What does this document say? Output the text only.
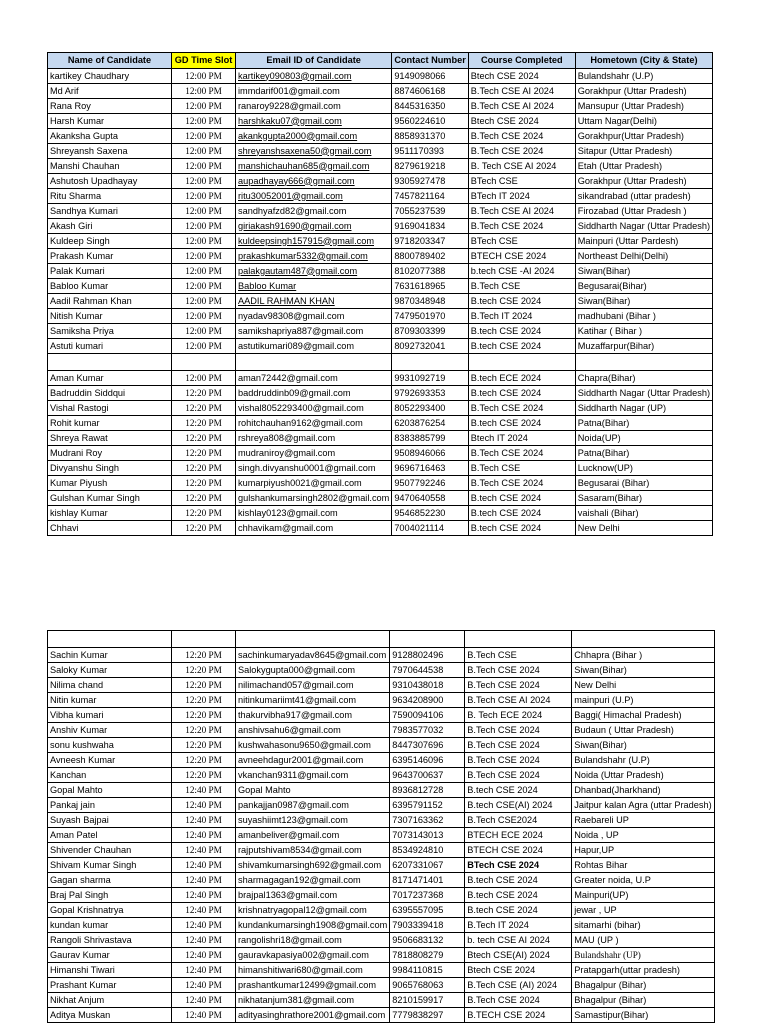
Name of Candidate	GD Time Slot	Email ID of Candidate	Contact Number	Course Completed	Hometown (City & State)
kartikey Chaudhary	12:00 PM	kartikey090803@gmail.com	9149098066	Btech CSE 2024	Bulandshahr (U.P)
Md Arif	12:00 PM	immdarif001@gmail.com	8874606168	B.Tech CSE AI 2024	Gorakhpur (Uttar Pradesh)
Rana Roy	12:00 PM	ranaroy9228@gmail.com	8445316350	B.Tech CSE AI 2024	Mansupur (Uttar Pradesh)
Harsh Kumar	12:00 PM	harshkaku07@gmail.com	9560224610	Btech CSE 2024	Uttam Nagar(Delhi)
Akanksha Gupta	12:00 PM	akankgupta2000@gmail.com	8858931370	B.Tech CSE 2024	Gorakhpur(Uttar Pradesh)
Shreyansh Saxena	12:00 PM	shreyanshsaxena50@gmail.com	9511170393	B.Tech CSE 2024	Sitapur (Uttar Pradesh)
Manshi Chauhan	12:00 PM	manshichauhan685@gmail.com	8279619218	B. Tech CSE AI 2024	Etah (Uttar Pradesh)
Ashutosh Upadhayay	12:00 PM	aupadhayay666@gmail.com	9305927478	BTech CSE	Gorakhpur (Uttar Pradesh)
Ritu Sharma	12:00 PM	ritu30052001@gmail.com	7457821164	BTech IT 2024	sikandrabad (uttar pradesh)
Sandhya Kumari	12:00 PM	sandhyafzd82@gmail.com	7055237539	B.Tech CSE AI 2024	Firozabad (Uttar Pradesh )
Akash Giri	12:00 PM	giriakash91690@gmail.com	9169041834	B.Tech CSE 2024	Siddharth Nagar (Uttar Pradesh)
Kuldeep Singh	12:00 PM	kuldeepsingh157915@gmail.com	9718203347	BTech CSE	Mainpuri (Uttar Pardesh)
Prakash Kumar	12:00 PM	prakashkumar5332@gmail.com	8800789402	BTECH CSE 2024	Northeast Delhi(Delhi)
Palak Kumari	12:00 PM	palakgautam487@gmail.com	8102077388	b.tech CSE -AI 2024	Siwan(Bihar)
Babloo Kumar	12:00 PM	Babloo Kumar	7631618965	B.Tech CSE	Begusarai(Bihar)
Aadil Rahman Khan	12:00 PM	AADIL RAHMAN KHAN	9870348948	B.tech CSE 2024	Siwan(Bihar)
Nitish Kumar	12:00 PM	nyadav98308@gmail.com	7479501970	B.Tech IT 2024	madhubani (Bihar )
Samiksha Priya	12:00 PM	samikshapriya887@gmail.com	8709303399	B.tech CSE 2024	Katihar ( Bihar )
Astuti kumari	12:00 PM	astutikumari089@gmail.com	8092732041	B.tech CSE 2024	Muzaffarpur(Bihar)

Aman Kumar	12:00 PM	aman72442@gmail.com	9931092719	B.tech ECE 2024	Chapra(Bihar)
Badruddin Siddqui	12:20 PM	baddruddinb09@gmail.com	9792693353	B.tech CSE 2024	Siddharth Nagar (Uttar Pradesh)
Vishal Rastogi	12:20 PM	vishal8052293400@gmail.com	8052293400	B.Tech CSE 2024	Siddharth Nagar (UP)
Rohit kumar	12:20 PM	rohitchauhan9162@gmail.com	6203876254	B.tech CSE 2024	Patna(Bihar)
Shreya Rawat	12:20 PM	rshreya808@gmail.com	8383885799	Btech IT 2024	Noida(UP)
Mudrani Roy	12:20 PM	mudraniroy@gmail.com	9508946066	B.Tech CSE 2024	Patna(Bihar)
Divyanshu Singh	12:20 PM	singh.divyanshu0001@gmail.com	9696716463	B.Tech CSE	Lucknow(UP)
Kumar Piyush	12:20 PM	kumarpiyush0021@gmail.com	9507792246	B.Tech CSE 2024	Begusarai (Bihar)
Gulshan Kumar Singh	12:20 PM	gulshankumarsingh2802@gmail.com	9470640558	B.tech CSE 2024	Sasaram(Bihar)
kishlay Kumar	12:20 PM	kishlay0123@gmail.com	9546852230	B.tech CSE 2024	vaishali (Bihar)
Chhavi	12:20 PM	chhavikam@gmail.com	7004021114	B.tech CSE 2024	New Delhi

Sachin Kumar	12:20 PM	sachinkumaryadav8645@gmail.com	9128802496	B.Tech CSE	Chhapra (Bihar )
Saloky Kumar	12:20 PM	Salokygupta000@gmail.com	7970644538	B.Tech CSE 2024	Siwan(Bihar)
Nilima chand	12:20 PM	nilimachand057@gmail.com	9310438018	B.Tech CSE 2024	New Delhi
Nitin kumar	12:20 PM	nitinkumariimt41@gmail.com	9634208900	B.Tech CSE AI 2024	mainpuri (U.P)
Vibha kumari	12:20 PM	thakurvibha917@gmail.com	7590094106	B. Tech ECE 2024	Baggi( Himachal Pradesh)
Anshiv Kumar	12:20 PM	anshivsahu6@gmail.com	7983577032	B.Tech CSE 2024	Budaun ( Uttar Pradesh)
sonu kushwaha	12:20 PM	kushwahasonu9650@gmail.com	8447307696	B.Tech CSE 2024	Siwan(Bihar)
Avneesh Kumar	12:20 PM	avneehdagur2001@gmail.com	6395146096	B.Tech CSE 2024	Bulandshahr (U.P)
Kanchan	12:20 PM	vkanchan9311@gmail.com	9643700637	B.Tech CSE 2024	Noida (Uttar Pradesh)
Gopal Mahto	12:40 PM	Gopal Mahto	8936812728	B.tech CSE 2024	Dhanbad(Jharkhand)
Pankaj jain	12:40 PM	pankajjan0987@gmail.com	6395791152	B.tech CSE(AI) 2024	Jaitpur kalan Agra (uttar Pradesh)
Suyash Bajpai	12:40 PM	suyashiimt123@gmail.com	7307163362	B.Tech CSE2024	Raebareli UP
Aman Patel	12:40 PM	amanbeliver@gmail.com	7073143013	BTECH ECE 2024	Noida , UP
Shivender Chauhan	12:40 PM	rajputshivam8534@gmail.com	8534924810	BTECH CSE 2024	Hapur,UP
Shivam Kumar Singh	12:40 PM	shivamkumarsingh692@gmail.com	6207331067	BTech CSE 2024	Rohtas Bihar
Gagan sharma	12:40 PM	sharmagagan192@gmail.com	8171471401	B.tech CSE 2024	Greater noida, U.P
Braj Pal Singh	12:40 PM	brajpal1363@gmail.com	7017237368	B.tech CSE 2024	Mainpuri(UP)
Gopal Krishnatrya	12:40 PM	krishnatryagopal12@gmail.com	6395557095	B.tech CSE 2024	jewar , UP
kundan kumar	12:40 PM	kundankumarsingh1908@gmail.com	7903339418	B.Tech IT 2024	sitamarhi (bihar)
Rangoli Shrivastava	12:40 PM	rangolishri18@gmail.com	9506683132	b. tech CSE AI 2024	MAU (UP )
Gaurav Kumar	12:40 PM	gauravkapasiya002@gmail.com	7818808279	Btech CSE(AI) 2024	Bulandshahr (UP)
Himanshi Tiwari	12:40 PM	himanshitiwari680@gmail.com	9984110815	Btech CSE 2024	Pratapgarh(uttar pradesh)
Prashant Kumar	12:40 PM	prashantkumar12499@gmail.com	9065768063	B.Tech CSE (AI) 2024	Bhagalpur (Bihar)
Nikhat Anjum	12:40 PM	nikhatanjum381@gmail.com	8210159917	B.Tech CSE 2024	Bhagalpur (Bihar)
Aditya Muskan	12:40 PM	adityasinghrathore2001@gmail.com	7779838297	B.TECH CSE 2024	Samastipur(Bihar)
